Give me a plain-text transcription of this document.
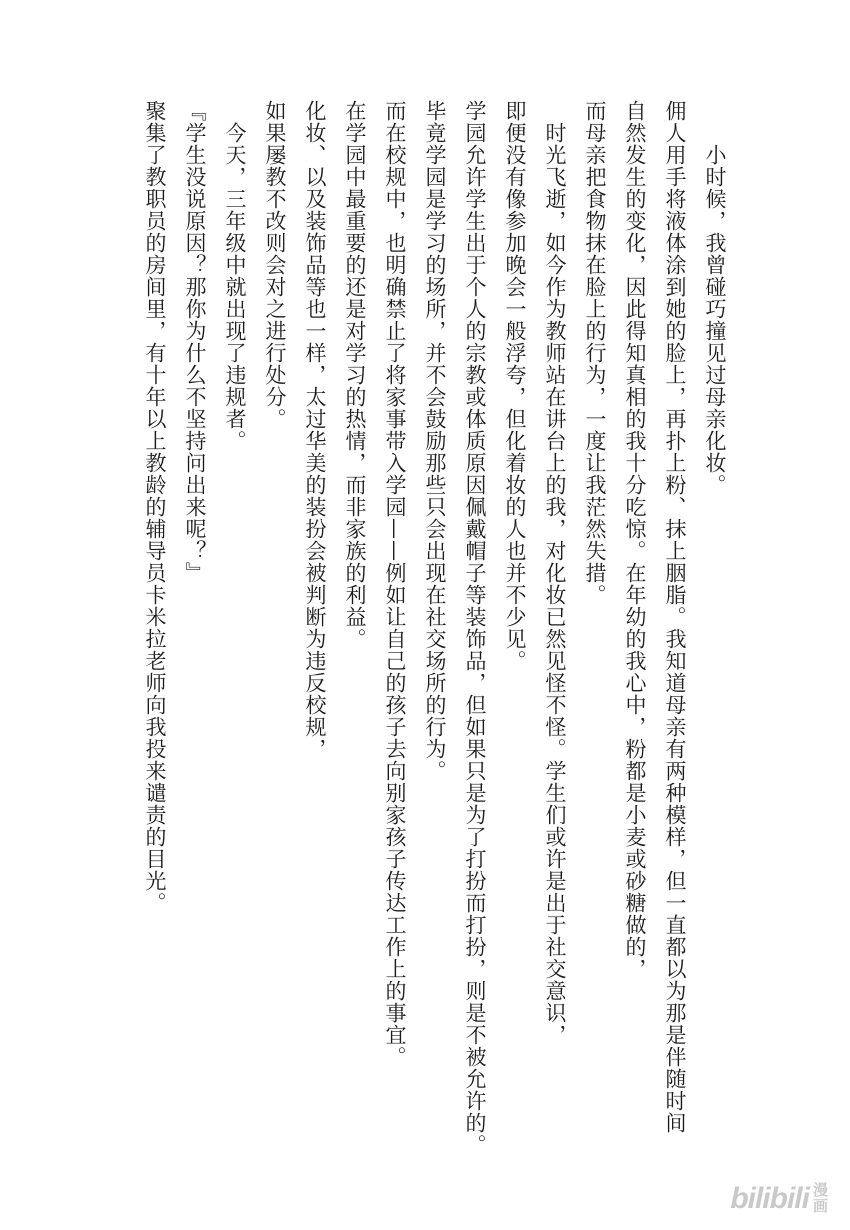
小时候，我曾碰巧撞见过母亲化妆。

佣人用手将液体涂到她的脸上，再扑上粉、抹上胭脂。我知道母亲有两种模样，但一直都以为那是伴随时间

自然发生的变化，因此得知真相的我十分吃惊。在年幼的我心中，粉都是小麦或砂糖做的，

而母亲把食物抹在脸上的行为，一度让我茫然失措。

　时光飞逝，如今作为教师站在讲台上的我，对化妆已然见怪不怪。学生们或许是出于社交意识，

即便没有像参加晚会一般浮夸，但化着妆的人也并不少见。

学园允许学生出于个人的宗教或体质原因佩戴帽子等装饰品，但如果只是为了打扮而打扮，则是不被允许的。

毕竟学园是学习的场所，并不会鼓励那些只会出现在社交场所的行为。

而在校规中，也明确禁止了将家事带入学园——例如让自己的孩子去向别家孩子传达工作上的事宜。

在学园中最重要的还是对学习的热情，而非家族的利益。

化妆、以及装饰品等也一样，太过华美的装扮会被判断为违反校规，

如果屡教不改则会对之进行处分。

　今天，三年级中就出现了违规者。

『学生没说原因？那你为什么不坚持问出来呢？』

聚集了教职员的房间里，有十年以上教龄的辅导员卡米拉老师向我投来谴责的目光。

bilibili 漫
画
